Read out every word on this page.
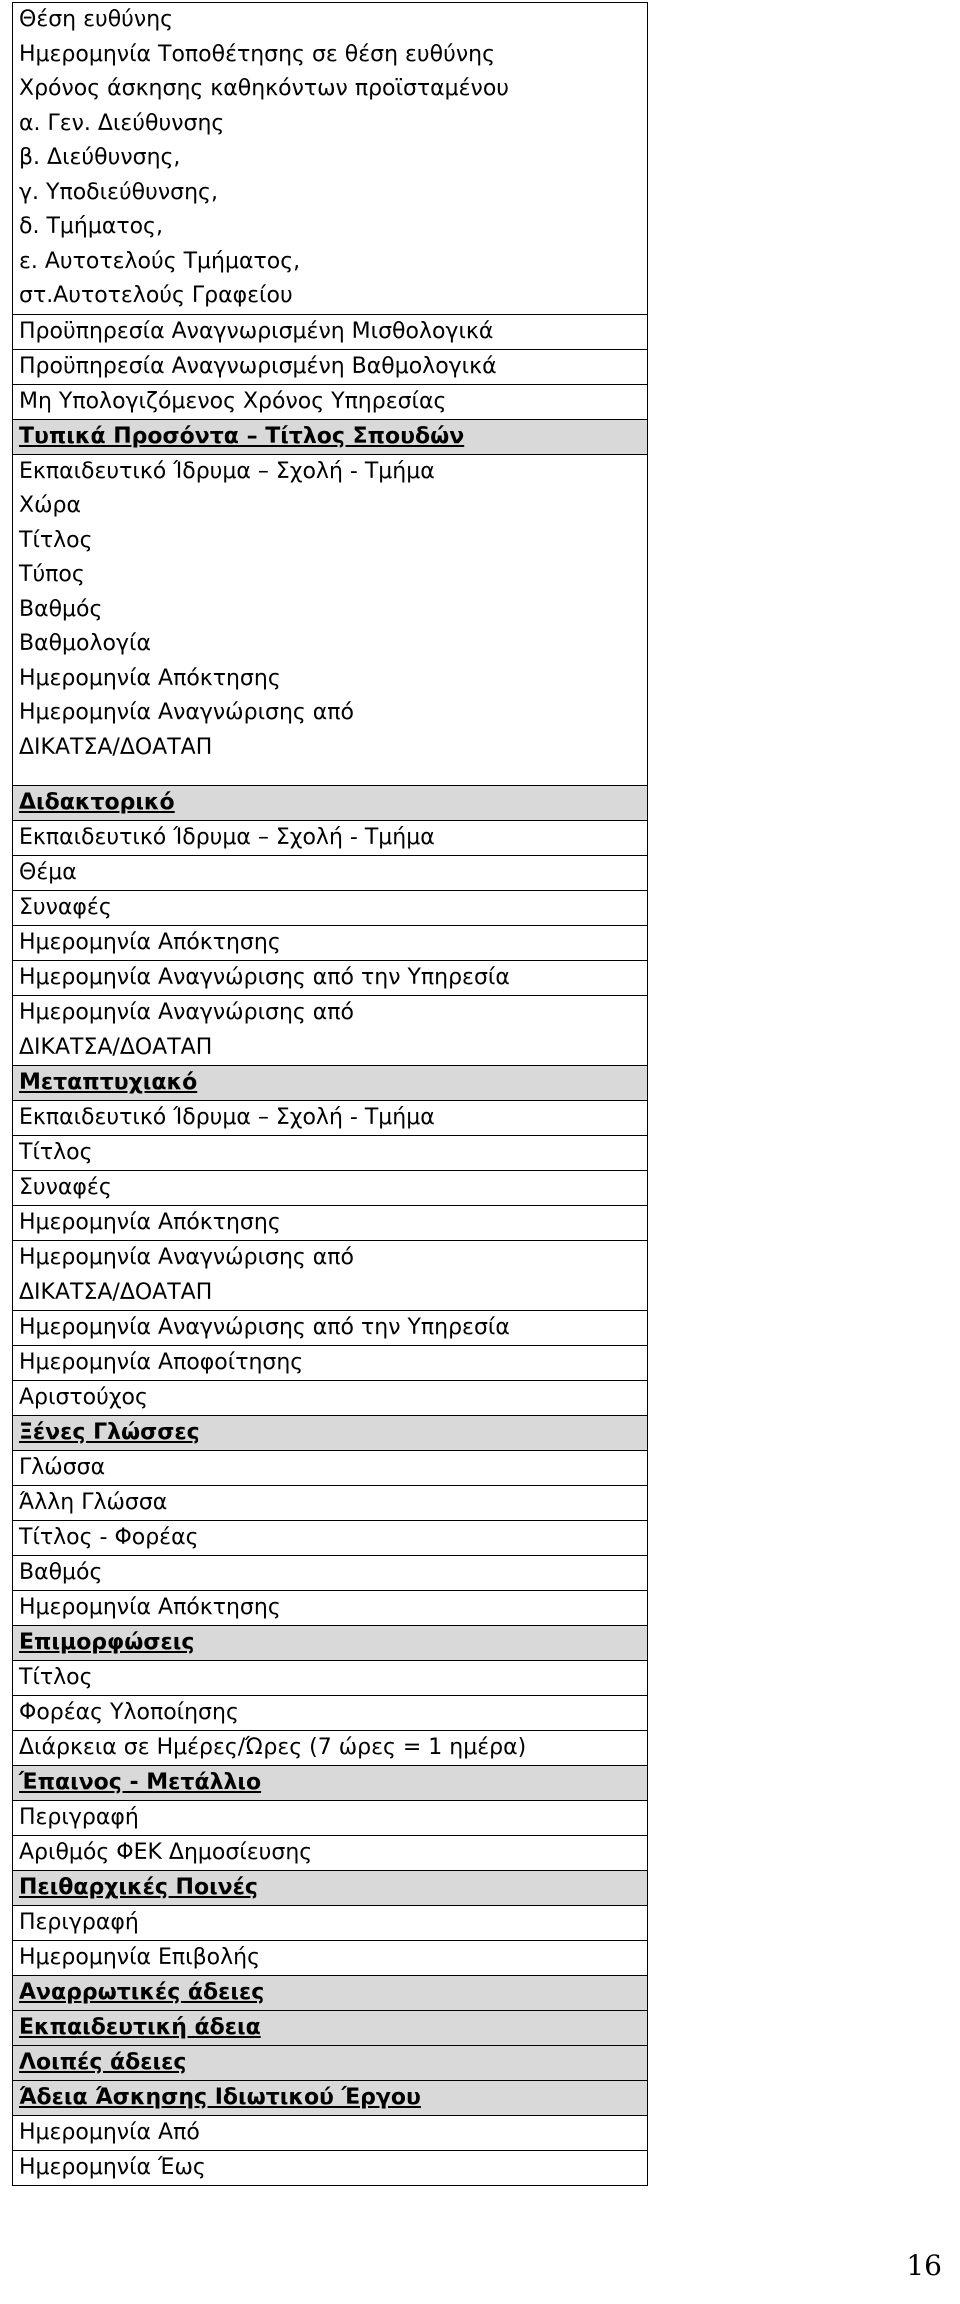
Θέση ευθύνης
Ημερομηνία Τοποθέτησης σε θέση ευθύνης
Χρόνος άσκησης καθηκόντων προϊσταμένου
α. Γεν. Διεύθυνσης
β. Διεύθυνσης,
γ. Υποδιεύθυνσης,
δ. Τμήματος,
ε. Αυτοτελούς Τμήματος,
στ.Αυτοτελούς Γραφείου
Προϋπηρεσία Αναγνωρισμένη Μισθολογικά
Προϋπηρεσία Αναγνωρισμένη Βαθμολογικά
Μη Υπολογιζόμενος Χρόνος Υπηρεσίας
Τυπικά Προσόντα – Τίτλος Σπουδών
Εκπαιδευτικό Ίδρυμα – Σχολή - Τμήμα
Χώρα
Τίτλος
Τύπος
Βαθμός
Βαθμολογία
Ημερομηνία Απόκτησης
Ημερομηνία Αναγνώρισης από
ΔΙΚΑΤΣΑ/ΔΟΑΤΑΠ
Διδακτορικό
Εκπαιδευτικό Ίδρυμα – Σχολή - Τμήμα
Θέμα
Συναφές
Ημερομηνία Απόκτησης
Ημερομηνία Αναγνώρισης από την Υπηρεσία
Ημερομηνία Αναγνώρισης από
ΔΙΚΑΤΣΑ/ΔΟΑΤΑΠ
Μεταπτυχιακό
Εκπαιδευτικό Ίδρυμα – Σχολή - Τμήμα
Τίτλος
Συναφές
Ημερομηνία Απόκτησης
Ημερομηνία Αναγνώρισης από
ΔΙΚΑΤΣΑ/ΔΟΑΤΑΠ
Ημερομηνία Αναγνώρισης από την Υπηρεσία
Ημερομηνία Αποφοίτησης
Αριστούχος
Ξένες Γλώσσες
Γλώσσα
Άλλη Γλώσσα
Τίτλος - Φορέας
Βαθμός
Ημερομηνία Απόκτησης
Επιμορφώσεις
Τίτλος
Φορέας Υλοποίησης
Διάρκεια σε Ημέρες/Ώρες (7 ώρες = 1 ημέρα)
Έπαινος - Μετάλλιο
Περιγραφή
Αριθμός ΦΕΚ Δημοσίευσης
Πειθαρχικές Ποινές
Περιγραφή
Ημερομηνία Επιβολής
Αναρρωτικές άδειες
Εκπαιδευτική άδεια
Λοιπές άδειες
Άδεια Άσκησης Ιδιωτικού Έργου
Ημερομηνία Από
Ημερομηνία Έως
16
